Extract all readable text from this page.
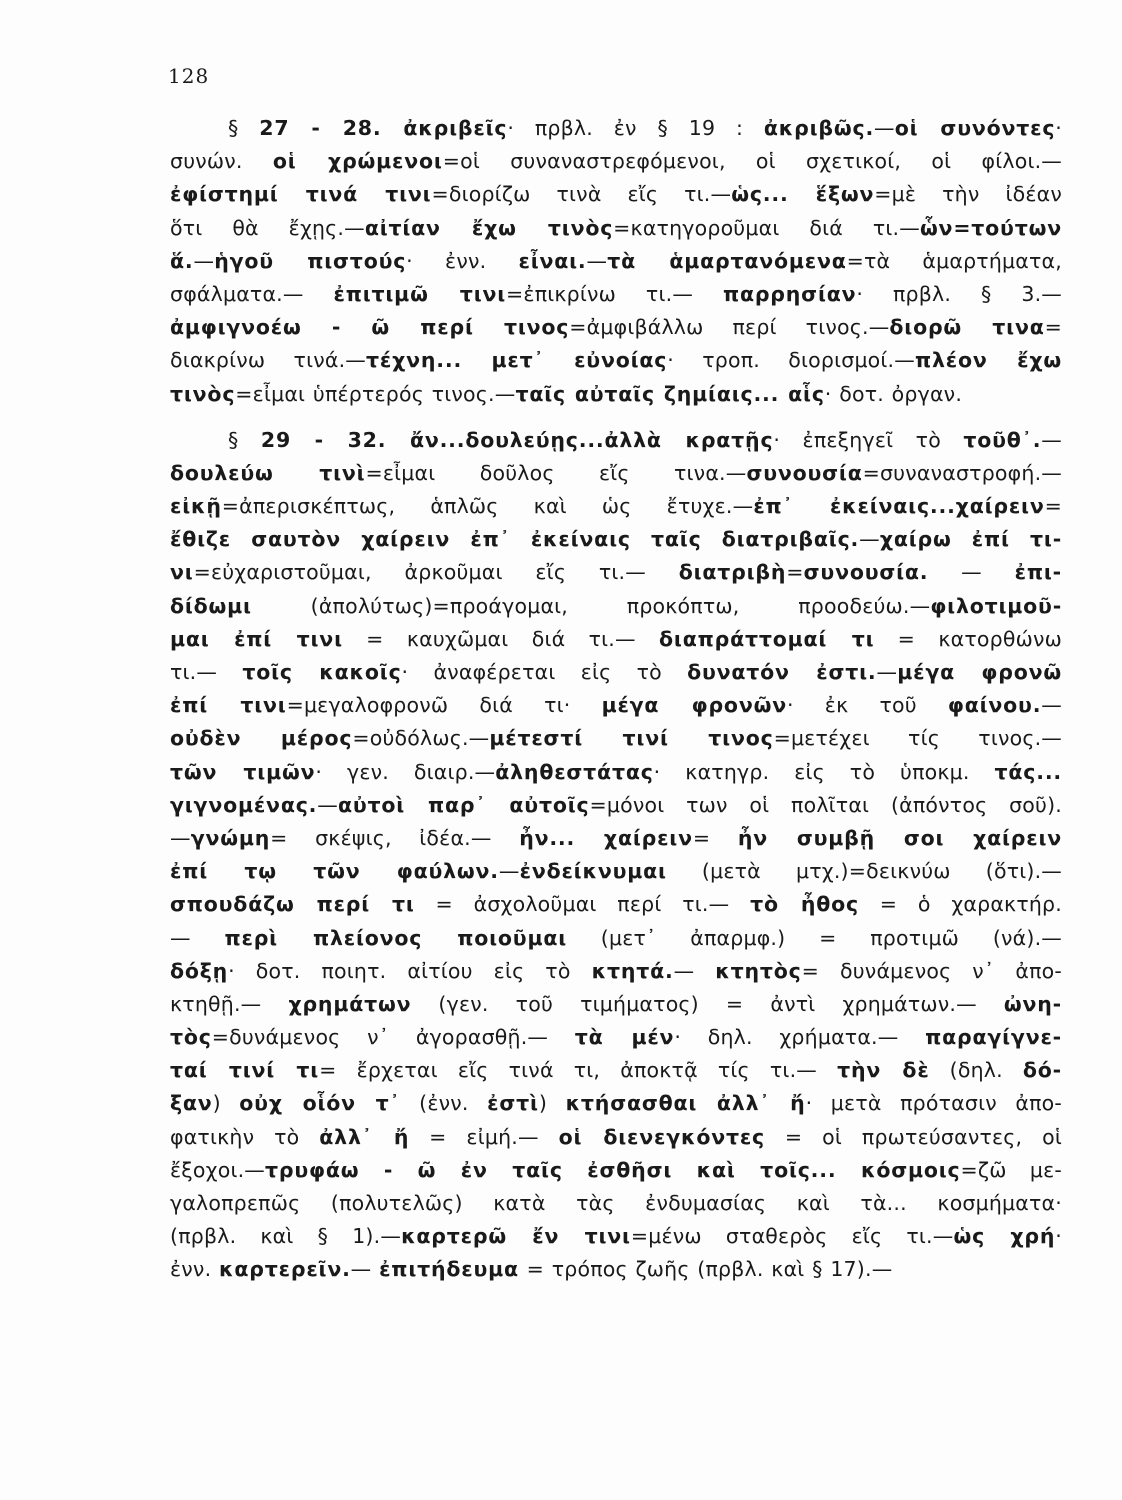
128
§ 27 - 28. ἀκριβεῖς· πρβλ. ἐν § 19 : ἀκριβῶς.—οἱ συνόντες·
συνών. οἱ χρώμενοι=οἱ συναναστρεφόμενοι, οἱ σχετικοί, οἱ φίλοι.—
ἐφίστημί τινά τινι=διορίζω τινὰ εἴς τι.—ὡς... ἕξων=μὲ τὴν ἰδέαν
ὅτι θὰ ἔχῃς.—αἰτίαν ἔχω τινὸς=κατηγοροῦμαι διά τι.—ὧν=τούτων
ἅ.—ἡγοῦ πιστούς· ἐνν. εἶναι.—τὰ ἁμαρτανόμενα=τὰ ἁμαρτήματα,
σφάλματα.— ἐπιτιμῶ τινι=ἐπικρίνω τι.— παρρησίαν· πρβλ. § 3.—
ἀμφιγνοέω - ῶ περί τινος=ἀμφιβάλλω περί τινος.—διορῶ τινα=
διακρίνω τινά.—τέχνη... μετ᾽ εὐνοίας· τροπ. διορισμοί.—πλέον ἔχω
τινὸς=εἶμαι ὑπέρτερός τινος.—ταῖς αὐταῖς ζημίαις... αἷς· δοτ. ὀργαν.
§ 29 - 32. ἄν...δουλεύῃς...ἀλλὰ κρατῇς· ἐπεξηγεῖ τὸ τοῦθ᾽.—
δουλεύω τινὶ=εἶμαι δοῦλος εἴς τινα.—συνουσία=συναναστροφή.—
εἰκῇ=ἀπερισκέπτως, ἁπλῶς καὶ ὡς ἔτυχε.—ἐπ᾽ ἐκείναις...χαίρειν=
ἔθιζε σαυτὸν χαίρειν ἐπ᾽ ἐκείναις ταῖς διατριβαῖς.—χαίρω ἐπί τι-
νι=εὐχαριστοῦμαι, ἀρκοῦμαι εἴς τι.— διατριβὴ=συνουσία. — ἐπι-
δίδωμι (ἀπολύτως)=προάγομαι, προκόπτω, προοδεύω.—φιλοτιμοῦ-
μαι ἐπί τινι = καυχῶμαι διά τι.— διαπράττομαί τι = κατορθώνω
τι.— τοῖς κακοῖς· ἀναφέρεται εἰς τὸ δυνατόν ἐστι.—μέγα φρονῶ
ἐπί τινι=μεγαλοφρονῶ διά τι· μέγα φρονῶν· ἐκ τοῦ φαίνου.—
οὐδὲν μέρος=οὐδόλως.—μέτεστί τινί τινος=μετέχει τίς τινος.—
τῶν τιμῶν· γεν. διαιρ.—ἀληθεστάτας· κατηγρ. εἰς τὸ ὑποκμ. τάς...
γιγνομένας.—αὐτοὶ παρ᾽ αὐτοῖς=μόνοι των οἱ πολῖται (ἀπόντος σοῦ).
—γνώμη= σκέψις, ἰδέα.— ἦν... χαίρειν= ἦν συμβῇ σοι χαίρειν
ἐπί τῳ τῶν φαύλων.—ἐνδείκνυμαι (μετὰ μτχ.)=δεικνύω (ὅτι).—
σπουδάζω περί τι = ἀσχολοῦμαι περί τι.— τὸ ἦθος = ὁ χαρακτήρ.
— περὶ πλείονος ποιοῦμαι (μετ᾽ ἀπαρμφ.) = προτιμῶ (νά).—
δόξῃ· δοτ. ποιητ. αἰτίου εἰς τὸ κτητά.— κτητὸς= δυνάμενος ν᾽ ἀπο-
κτηθῇ.— χρημάτων (γεν. τοῦ τιμήματος) = ἀντὶ χρημάτων.— ὠνη-
τὸς=δυνάμενος ν᾽ ἀγορασθῇ.— τὰ μέν· δηλ. χρήματα.— παραγίγνε-
ταί τινί τι= ἔρχεται εἴς τινά τι, ἀποκτᾷ τίς τι.— τὴν δὲ (δηλ. δό-
ξαν) οὐχ οἷόν τ᾽ (ἐνν. ἐστὶ) κτήσασθαι ἀλλ᾽ ἤ· μετὰ πρότασιν ἀπο-
φατικὴν τὸ ἀλλ᾽ ἤ = εἰμή.— οἱ διενεγκόντες = οἱ πρωτεύσαντες, οἱ
ἔξοχοι.—τρυφάω - ῶ ἐν ταῖς ἐσθῆσι καὶ τοῖς... κόσμοις=ζῶ με-
γαλοπρεπῶς (πολυτελῶς) κατὰ τὰς ἐνδυμασίας καὶ τὰ... κοσμήματα·
(πρβλ. καὶ § 1).—καρτερῶ ἔν τινι=μένω σταθερὸς εἴς τι.—ὡς χρή·
ἐνν. καρτερεῖν.— ἐπιτήδευμα = τρόπος ζωῆς (πρβλ. καὶ § 17).—
